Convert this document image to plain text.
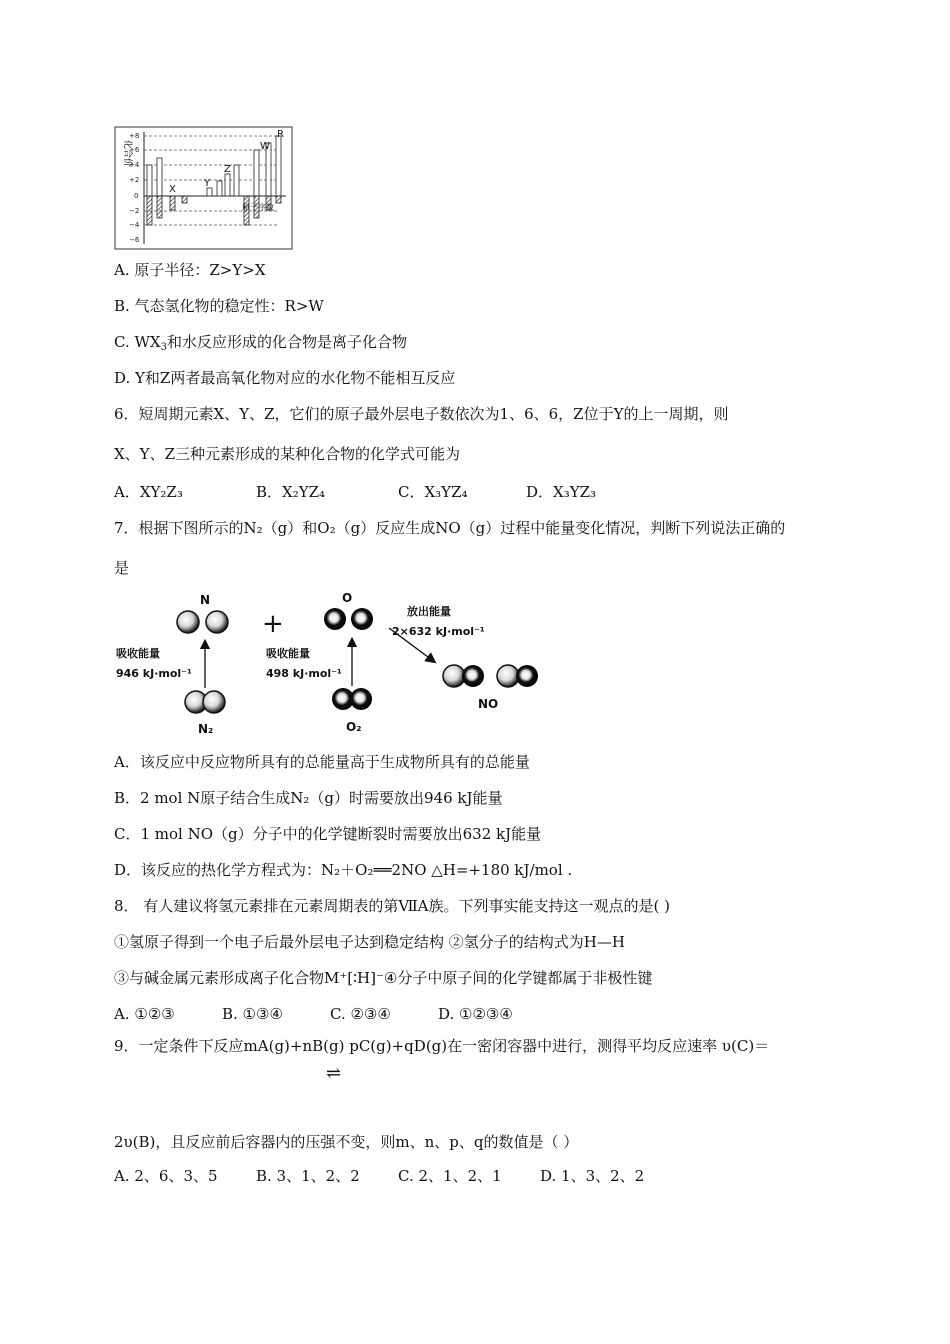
化合价
+8
+6
+4
+2
0
−2
−4
−6
X
Y
Z
W
R
原子序数
A. 原子半径：Z>Y>X
B. 气态氢化物的稳定性：R>W
C. $WX_3$和水反应形成的化合物是离子化合物
D. Y和Z两者最高氧化物对应的水化物不能相互反应
6．短周期元素X、Y、Z，它们的原子最外层电子数依次为1、6、6，Z位于Y的上一周期，则
X、Y、Z三种元素形成的某种化合物的化学式可能为
A．XY₂Z₃	B．X₂YZ₄	C．X₃YZ₄	D．X₃YZ₃
7．根据下图所示的N₂（g）和O₂（g）反应生成NO（g）过程中能量变化情况，判断下列说法正确的
是
N
+
O
放出能量
2×632 kJ·mol⁻¹
吸收能量
946 kJ·mol⁻¹
吸收能量
498 kJ·mol⁻¹
N₂	O₂
NO
A．该反应中反应物所具有的总能量高于生成物所具有的总能量
B．2 mol N原子结合生成N₂（g）时需要放出946 kJ能量
C．1 mol NO（g）分子中的化学键断裂时需要放出632 kJ能量
D．该反应的热化学方程式为：N₂＋O₂══2NO △H=+180 kJ/mol .
8． 有人建议将氢元素排在元素周期表的第ⅦA族。下列事实能支持这一观点的是( )
①氢原子得到一个电子后最外层电子达到稳定结构 ②氢分子的结构式为H—H
③与碱金属元素形成离子化合物M⁺[∶H]⁻④分子中原子间的化学键都属于非极性键
A. ①②③	B. ①③④	C. ②③④	D. ①②③④
9．一定条件下反应mA(g)+nB(g) pC(g)+qD(g)在一密闭容器中进行，测得平均反应速率 υ(C)＝
⇌
2υ(B)，且反应前后容器内的压强不变，则m、n、p、q的数值是（ ）
A. 2、6、3、5	B. 3、1、2、2	C. 2、1、2、1	D. 1、3、2、2
